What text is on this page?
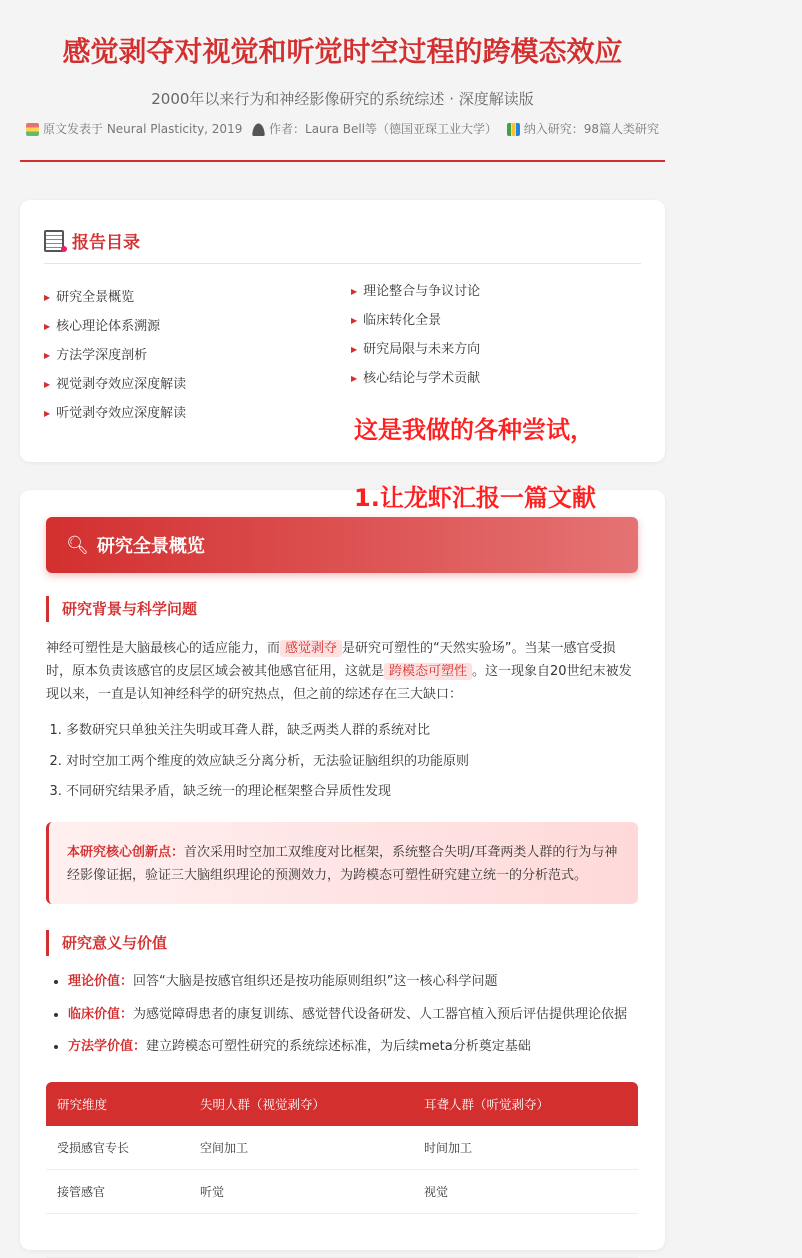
感觉剥夺对视觉和听觉时空过程的跨模态效应
2000年以来行为和神经影像研究的系统综述 · 深度解读版
原文发表于 Neural Plasticity, 2019 作者：Laura Bell等（德国亚琛工业大学） 纳入研究：98篇人类研究
报告目录
▶ 研究全景概览
▶ 核心理论体系溯源
▶ 方法学深度剖析
▶ 视觉剥夺效应深度解读
▶ 听觉剥夺效应深度解读
▶ 理论整合与争议讨论
▶ 临床转化全景
▶ 研究局限与未来方向
▶ 核心结论与学术贡献
🔍︎ 研究全景概览
研究背景与科学问题
神经可塑性是大脑最核心的适应能力，而 感觉剥夺 是研究可塑性的“天然实验场”。当某一感官受损时，原本负责该感官的皮层区域会被其他感官征用，这就是 跨模态可塑性 。这一现象自20世纪末被发现以来，一直是认知神经科学的研究热点，但之前的综述存在三大缺口：
1. 多数研究只单独关注失明或耳聋人群，缺乏两类人群的系统对比
2. 对时空加工两个维度的效应缺乏分离分析，无法验证脑组织的功能原则
3. 不同研究结果矛盾，缺乏统一的理论框架整合异质性发现
本研究核心创新点：首次采用时空加工双维度对比框架，系统整合失明/耳聋两类人群的行为与神经影像证据，验证三大脑组织理论的预测效力，为跨模态可塑性研究建立统一的分析范式。
研究意义与价值
• 理论价值：回答“大脑是按感官组织还是按功能原则组织”这一核心科学问题
• 临床价值：为感觉障碍患者的康复训练、感觉替代设备研发、人工器官植入预后评估提供理论依据
• 方法学价值：建立跨模态可塑性研究的系统综述标准，为后续meta分析奠定基础
研究维度	失明人群（视觉剥夺）	耳聋人群（听觉剥夺）
受损感官专长	空间加工	时间加工
接管感官	听觉	视觉

这是我做的各种尝试，
1.让龙虾汇报一篇文献
